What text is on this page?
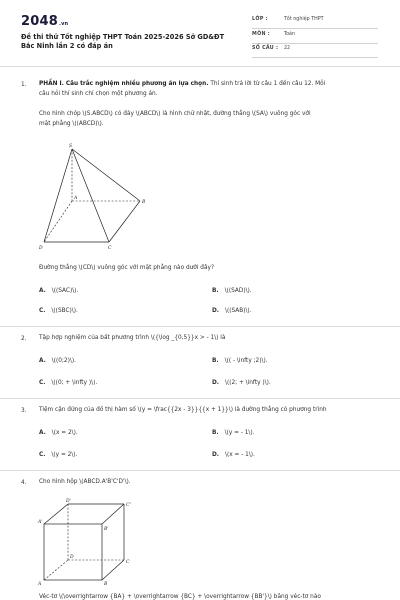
2048.vn
Đề thi thử Tốt nghiệp THPT Toán 2025-2026 Sở GD&ĐT
Bắc Ninh lần 2 có đáp án
LỚP :	Tốt nghiệp THPT
MÔN :	Toán
SỐ CÂU : 22
1. PHẦN I. Câu trắc nghiệm nhiều phương án lựa chọn. Thí sinh trả lời từ câu 1 đến câu 12. Mỗi
câu hỏi thí sinh chỉ chọn một phương án.
Cho hình chóp \(S.ABCD\) có đáy \(ABCD\) là hình chữ nhật, đường thẳng \(SA\) vuông góc với
mặt phẳng \((ABCD)\).
S
A
B
C
D
Đường thẳng \(CD\) vuông góc với mặt phẳng nào dưới đây?
A. \((SAC)\).	B. \((SAD)\).
C. \((SBC)\).	D. \((SAB)\).
2. Tập hợp nghiệm của bất phương trình \({\log _{0,5}}x > - 1\) là
A. \((0;2)\).	B. \(( - \infty ;2)\).
C. \((0; + \infty )\).	D. \((2; + \infty )\).
3. Tiệm cận đứng của đồ thị hàm số \(y = \frac{{2x - 3}}{{x + 1}}\) là đường thẳng có phương trình
A. \(x = 2\).	B. \(y = - 1\).
C. \(y = 2\).	D. \(x = - 1\).
4. Cho hình hộp \(ABCD.A'B'C'D'\).
D'
C'
A'
B'
D
C
A	B
Véc-tơ \(\overrightarrow {BA} + \overrightarrow {BC} + \overrightarrow {BB'}\) bằng véc-tơ nào
